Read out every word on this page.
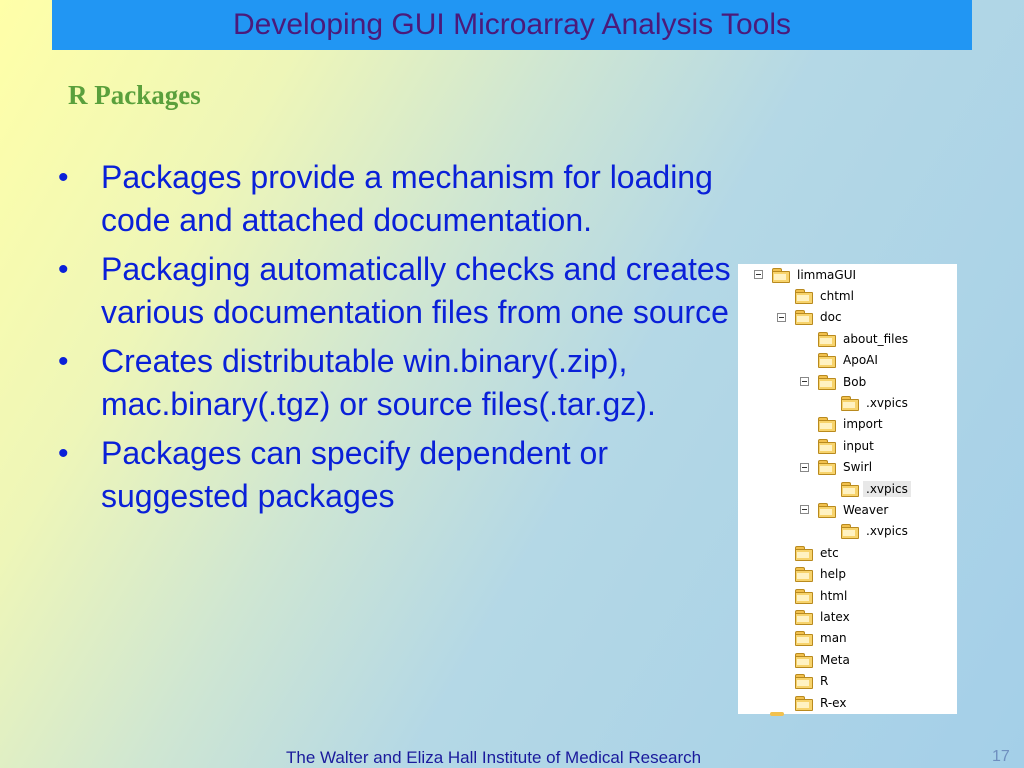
Developing GUI Microarray Analysis Tools
R Packages
•	Packages provide a mechanism for loading code and attached documentation.
•	Packaging automatically checks and creates various documentation files from one source
•	Creates distributable win.binary(.zip), mac.binary(.tgz) or source files(.tar.gz).
•	Packages can specify dependent or suggested packages
limmaGUI
chtml
doc
about_files
ApoAI
Bob
.xvpics
import
input
Swirl
.xvpics
Weaver
.xvpics
etc
help
html
latex
man
Meta
R
R-ex
The Walter and Eliza Hall Institute of Medical Research	17
